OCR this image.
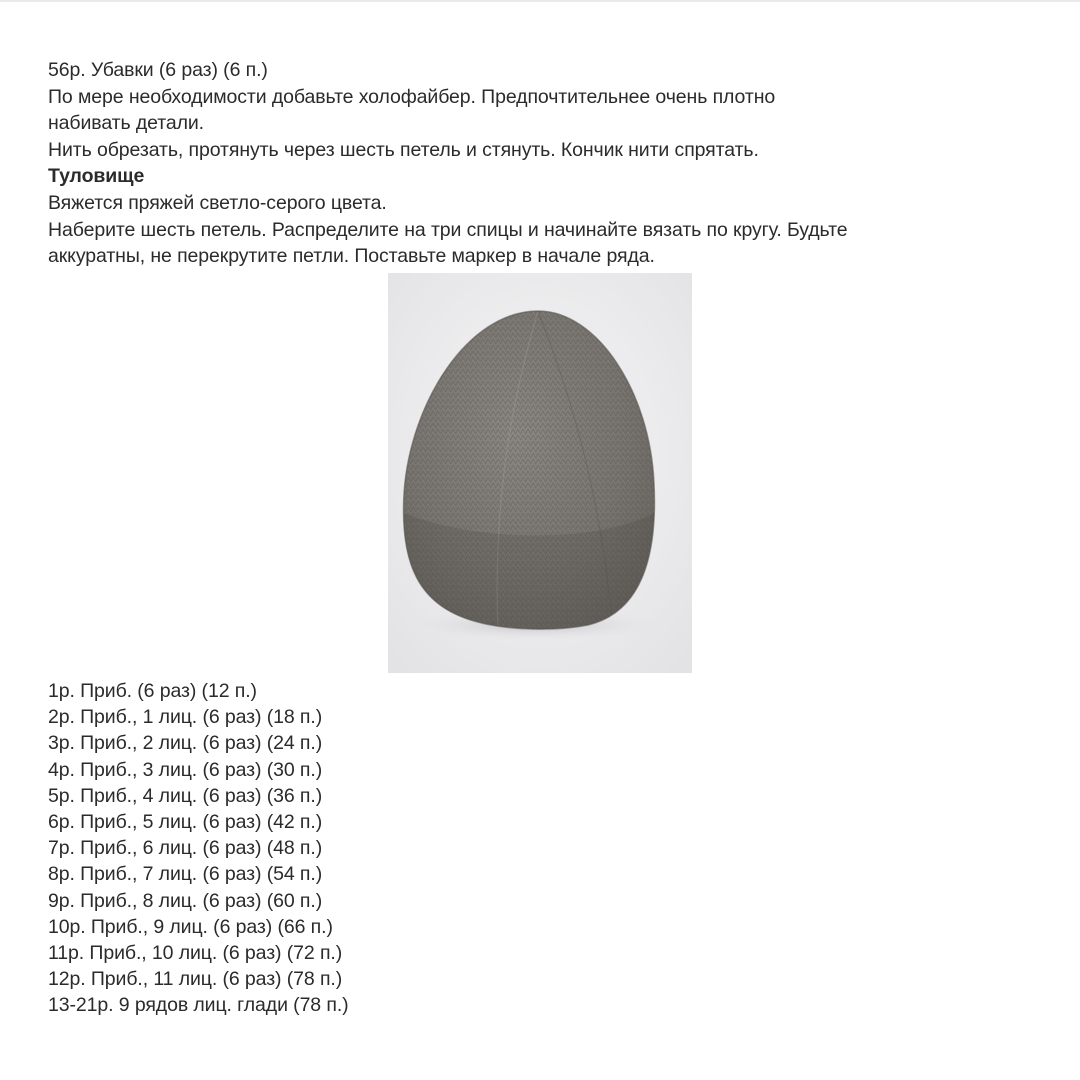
56р. Убавки (6 раз) (6 п.)
По мере необходимости добавьте холофайбер. Предпочтительнее очень плотно
набивать детали.
Нить обрезать, протянуть через шесть петель и стянуть. Кончик нити спрятать.
Туловище
Вяжется пряжей светло-серого цвета.
Наберите шесть петель. Распределите на три спицы и начинайте вязать по кругу. Будьте
аккуратны, не перекрутите петли. Поставьте маркер в начале ряда.
1р. Приб. (6 раз) (12 п.)
2р. Приб., 1 лиц. (6 раз) (18 п.)
3р. Приб., 2 лиц. (6 раз) (24 п.)
4р. Приб., 3 лиц. (6 раз) (30 п.)
5р. Приб., 4 лиц. (6 раз) (36 п.)
6р. Приб., 5 лиц. (6 раз) (42 п.)
7р. Приб., 6 лиц. (6 раз) (48 п.)
8р. Приб., 7 лиц. (6 раз) (54 п.)
9р. Приб., 8 лиц. (6 раз) (60 п.)
10р. Приб., 9 лиц. (6 раз) (66 п.)
11р. Приб., 10 лиц. (6 раз) (72 п.)
12р. Приб., 11 лиц. (6 раз) (78 п.)
13-21р. 9 рядов лиц. глади (78 п.)
